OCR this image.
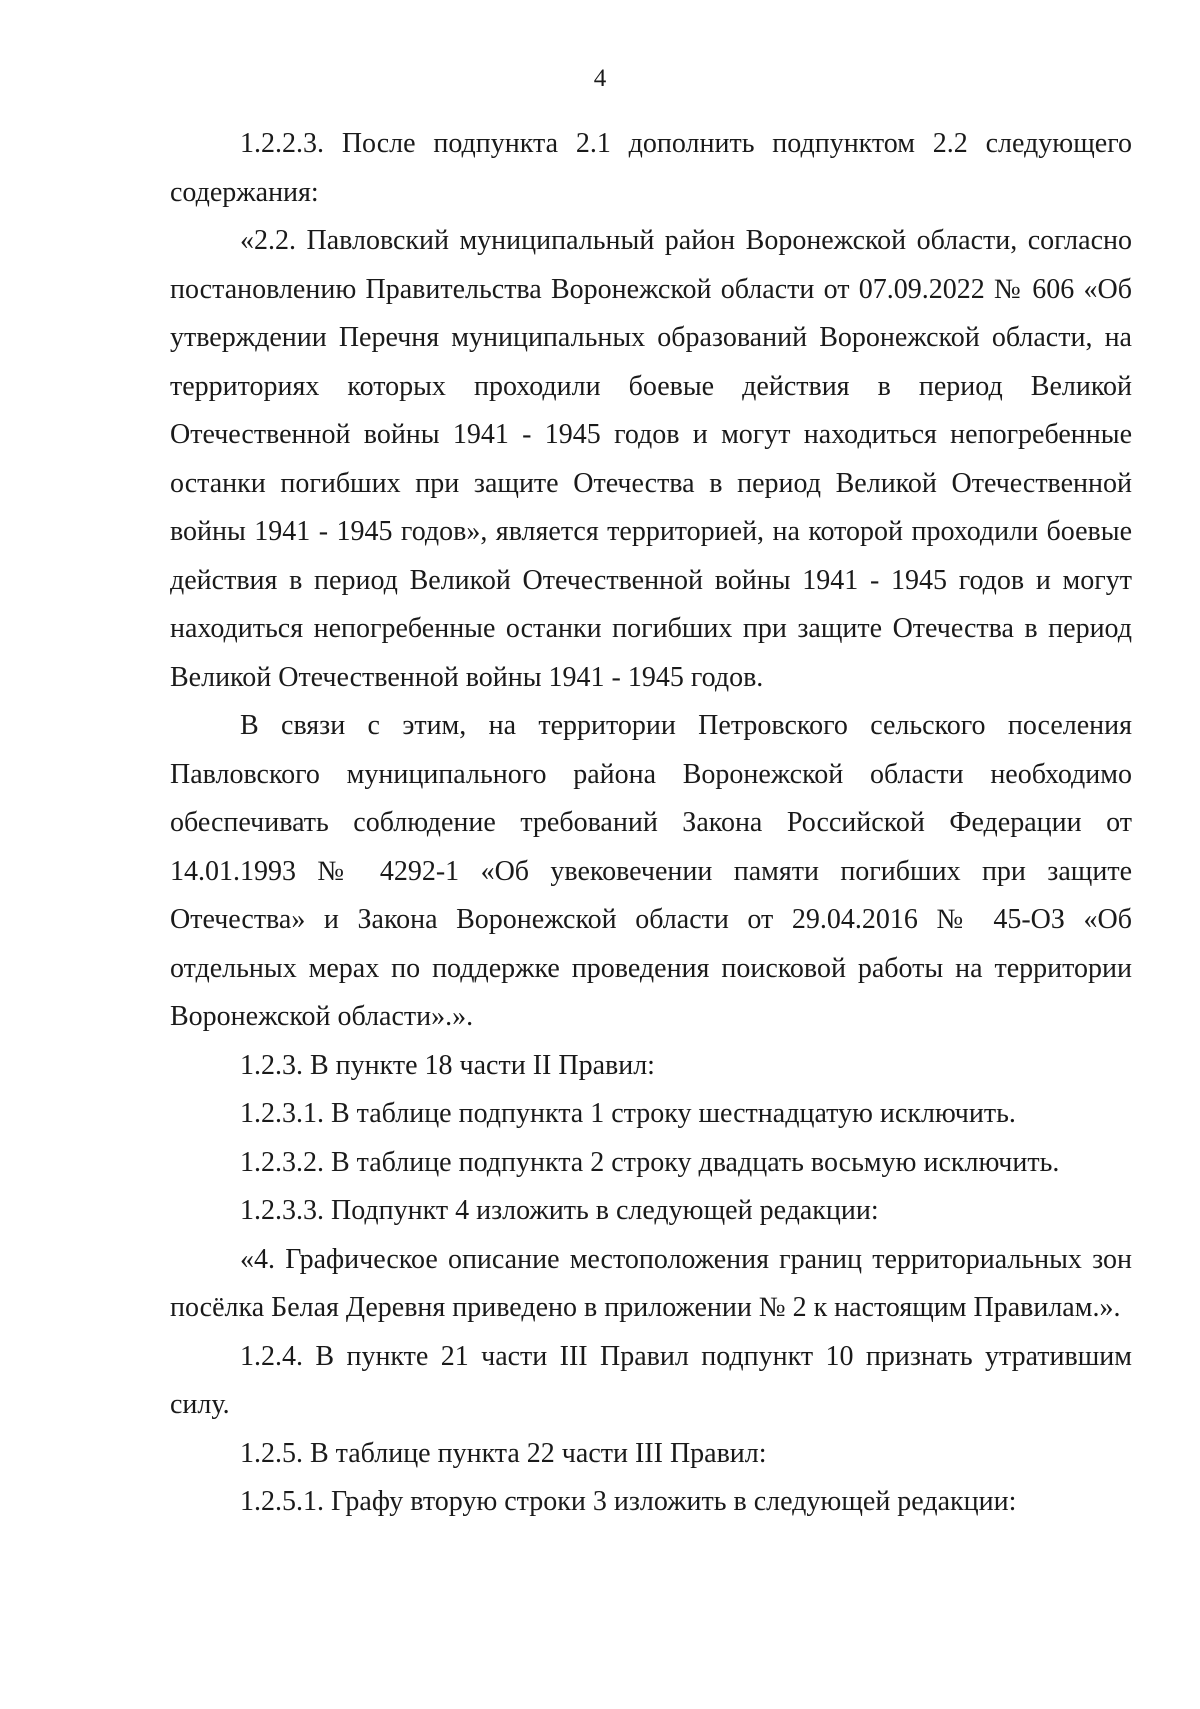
4

1.2.2.3. После подпункта 2.1 дополнить подпунктом 2.2 следующего содержания:

«2.2. Павловский муниципальный район Воронежской области, согласно постановлению Правительства Воронежской области от 07.09.2022 № 606 «Об утверждении Перечня муниципальных образований Воронежской области, на территориях которых проходили боевые действия в период Великой Отечественной войны 1941 - 1945 годов и могут находиться непогребенные останки погибших при защите Отечества в период Великой Отечественной войны 1941 - 1945 годов», является территорией, на которой проходили боевые действия в период Великой Отечественной войны 1941 - 1945 годов и могут находиться непогребенные останки погибших при защите Отечества в период Великой Отечественной войны 1941 - 1945 годов.

В связи с этим, на территории Петровского сельского поселения Павловского муниципального района Воронежской области необходимо обеспечивать соблюдение требований Закона Российской Федерации от 14.01.1993 № 4292-1 «Об увековечении памяти погибших при защите Отечества» и Закона Воронежской области от 29.04.2016 № 45-ОЗ «Об отдельных мерах по поддержке проведения поисковой работы на территории Воронежской области».».

1.2.3. В пункте 18 части II Правил:

1.2.3.1. В таблице подпункта 1 строку шестнадцатую исключить.

1.2.3.2. В таблице подпункта 2 строку двадцать восьмую исключить.

1.2.3.3. Подпункт 4 изложить в следующей редакции:

«4. Графическое описание местоположения границ территориальных зон посёлка Белая Деревня приведено в приложении № 2 к настоящим Правилам.».

1.2.4. В пункте 21 части III Правил подпункт 10 признать утратившим силу.

1.2.5. В таблице пункта 22 части III Правил:

1.2.5.1. Графу вторую строки 3 изложить в следующей редакции:
